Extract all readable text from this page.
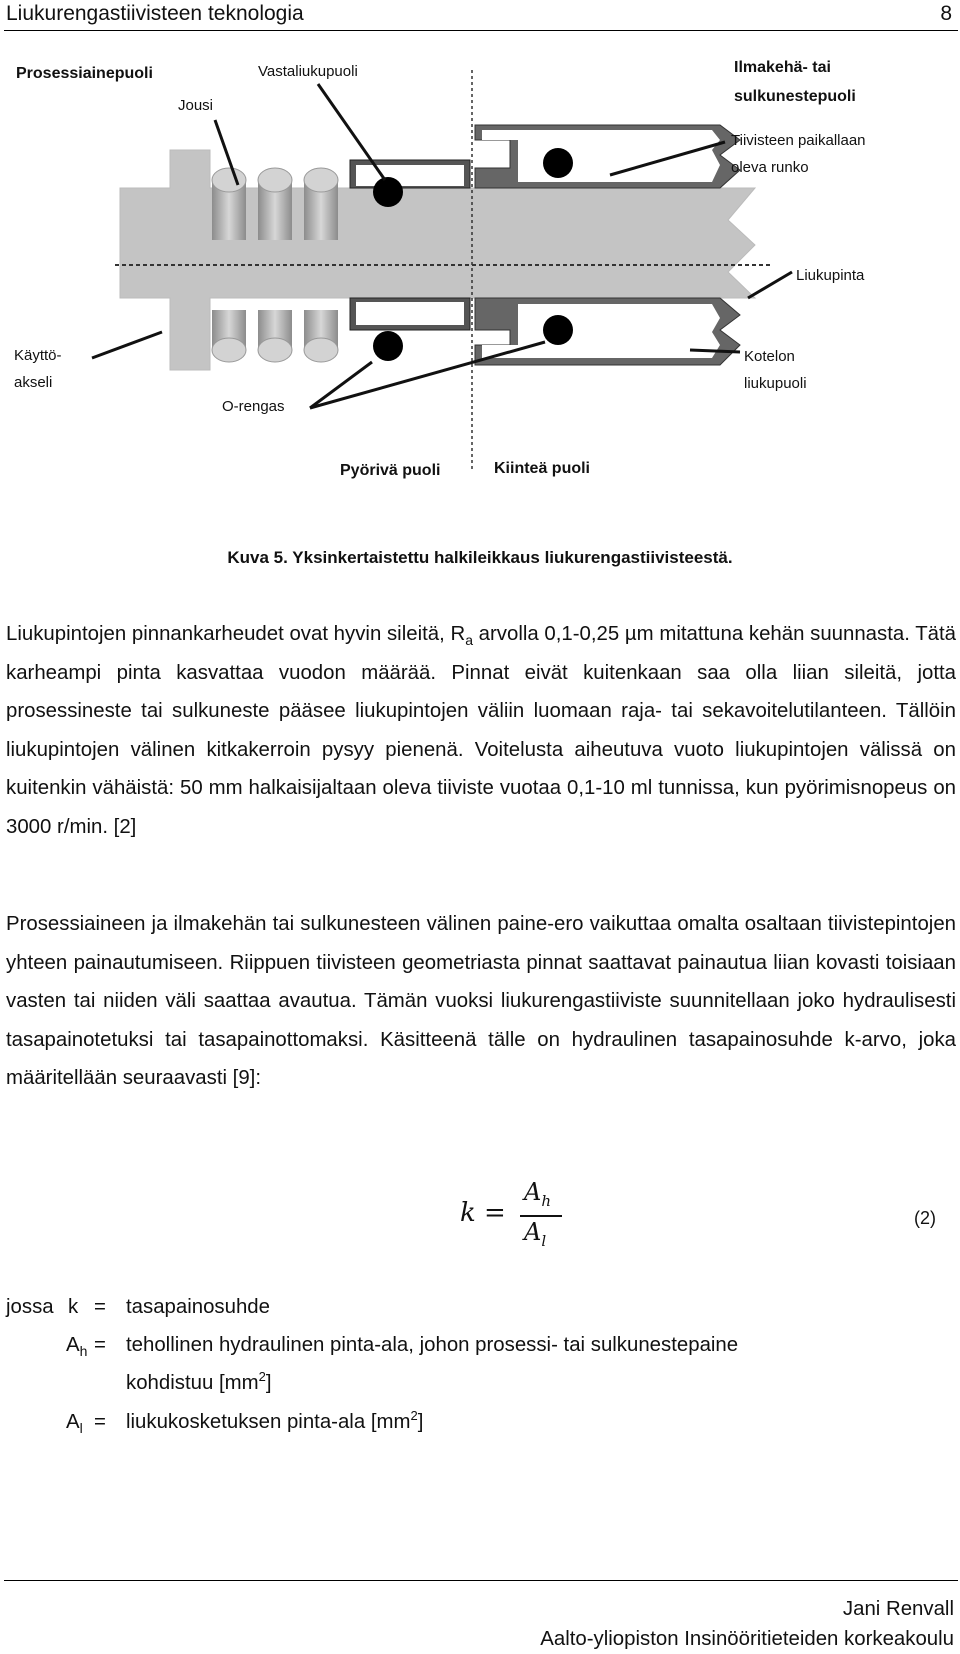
Liukurengastiivisteen teknologia	8
Prosessiainepuoli	Vastaliukupuoli
Jousi
Ilmakehä- tai
sulkunestepuoli
Tiivisteen paikallaan
oleva runko
Liukupinta
Käyttö-
akseli
Kotelon
liukupuoli
O-rengas
Pyörivä puoli	Kiinteä puoli
Kuva 5. Yksinkertaistettu halkileikkaus liukurengastiivisteestä.

Liukupintojen pinnankarheudet ovat hyvin sileitä, $R_a$ arvolla 0,1-0,25 µm mitattuna kehän suunnasta. Tätä karheampi pinta kasvattaa vuodon määrää. Pinnat eivät kuitenkaan saa olla liian sileitä, jotta prosessineste tai sulkuneste pääsee liukupintojen väliin luomaan raja- tai sekavoitelutilanteen. Tällöin liukupintojen välinen kitkakerroin pysyy pienenä. Voitelusta aiheutuva vuoto liukupintojen välissä on kuitenkin vähäistä: 50 mm halkaisijaltaan oleva tiiviste vuotaa 0,1-10 ml tunnissa, kun pyörimisnopeus on 3000 r/min. [2]

Prosessiaineen ja ilmakehän tai sulkunesteen välinen paine-ero vaikuttaa omalta osaltaan tiivistepintojen yhteen painautumiseen. Riippuen tiivisteen geometriasta pinnat saattavat painautua liian kovasti toisiaan vasten tai niiden väli saattaa avautua. Tämän vuoksi liukurengastiiviste suunnitellaan joko hydraulisesti tasapainotetuksi tai tasapainottomaksi. Käsitteenä tälle on hydraulinen tasapainosuhde k-arvo, joka määritellään seuraavasti [9]:

k =
$A_h$
$A_l$
(2)
jossa k = tasapainosuhde
$A_h$ = tehollinen hydraulinen pinta-ala, johon prosessi- tai sulkunestepaine
kohdistuu $[mm^2]$
$A_l$ = liukukosketuksen pinta-ala $[mm^2]$
Jani Renvall
Aalto-yliopiston Insinööritieteiden korkeakoulu
